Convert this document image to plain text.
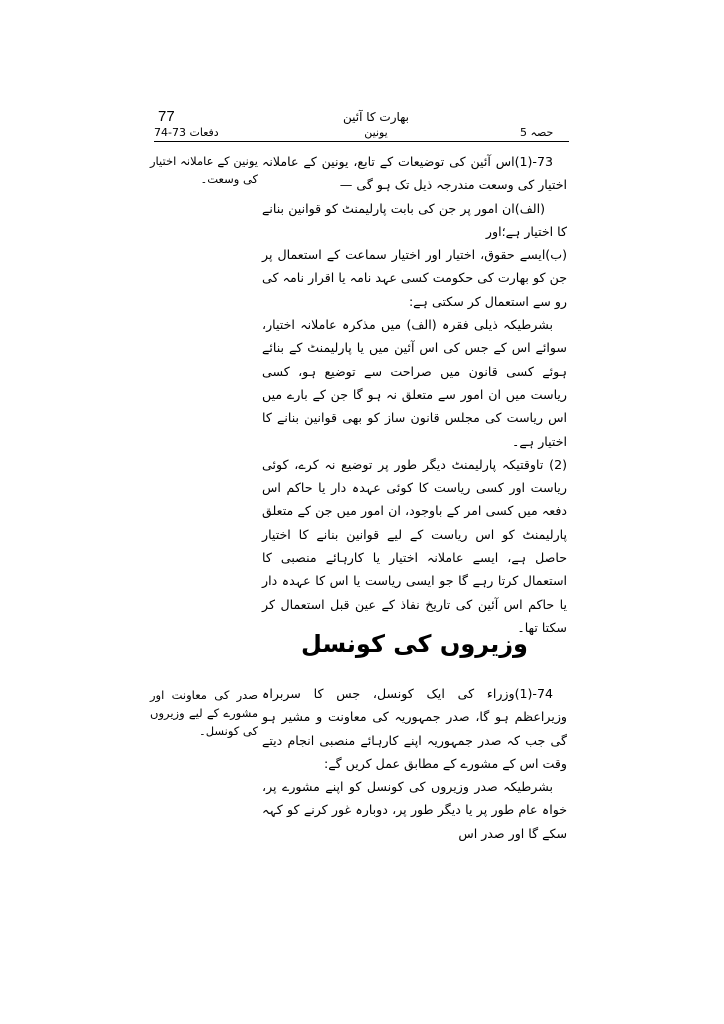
77
دفعات 73-74
بھارت کا آئین
یونین	حصہ 5
یونین کے عاملانہ اختیار کی وسعت۔

73-(1)اس آئین کی توضیعات کے تابع، یونین کے عاملانہ اختیار کی وسعت مندرجہ ذیل تک ہو گی —

(الف)ان امور پر جن کی بابت پارلیمنٹ کو قوانین بنانے کا اختیار ہے؛اور

(ب)ایسے حقوق، اختیار اور اختیار سماعت کے استعمال پر جن کو بھارت کی حکومت کسی عہد نامہ یا اقرار نامہ کی رو سے استعمال کر سکتی ہے:

بشرطیکہ ذیلی فقرہ (الف) میں مذکرہ عاملانہ اختیار، سوائے اس کے جس کی اس آئین میں یا پارلیمنٹ کے بنائے ہوئے کسی قانون میں صراحت سے توضیع ہو، کسی ریاست میں ان امور سے متعلق نہ ہو گا جن کے بارے میں اس ریاست کی مجلس قانون ساز کو بھی قوانین بنانے کا اختیار ہے۔

(2) تاوقتیکہ پارلیمنٹ دیگر طور پر توضیع نہ کرے، کوئی ریاست اور کسی ریاست کا کوئی عہدہ دار یا حاکم اس دفعہ میں کسی امر کے باوجود، ان امور میں جن کے متعلق پارلیمنٹ کو اس ریاست کے لیے قوانین بنانے کا اختیار حاصل ہے، ایسے عاملانہ اختیار یا کارہائے منصبی کا استعمال کرتا رہے گا جو ایسی ریاست یا اس کا عہدہ دار یا حاکم اس آئین کی تاریخ نفاذ کے عین قبل استعمال کر سکتا تھا۔

وزیروں کی کونسل
صدر کی معاونت اور مشورے کے لیے وزیروں کی کونسل۔

74-(1)وزراء کی ایک کونسل، جس کا سربراہ وزیراعظم ہو گا، صدر جمہوریہ کی معاونت و مشیر ہو گی جب کہ صدر جمہوریہ اپنے کارہائے منصبی انجام دیتے وقت اس کے مشورے کے مطابق عمل کریں گے:

بشرطیکہ صدر وزیروں کی کونسل کو اپنے مشورے پر، خواہ عام طور پر یا دیگر طور پر، دوبارہ غور کرنے کو کہہ سکے گا اور صدر اس
